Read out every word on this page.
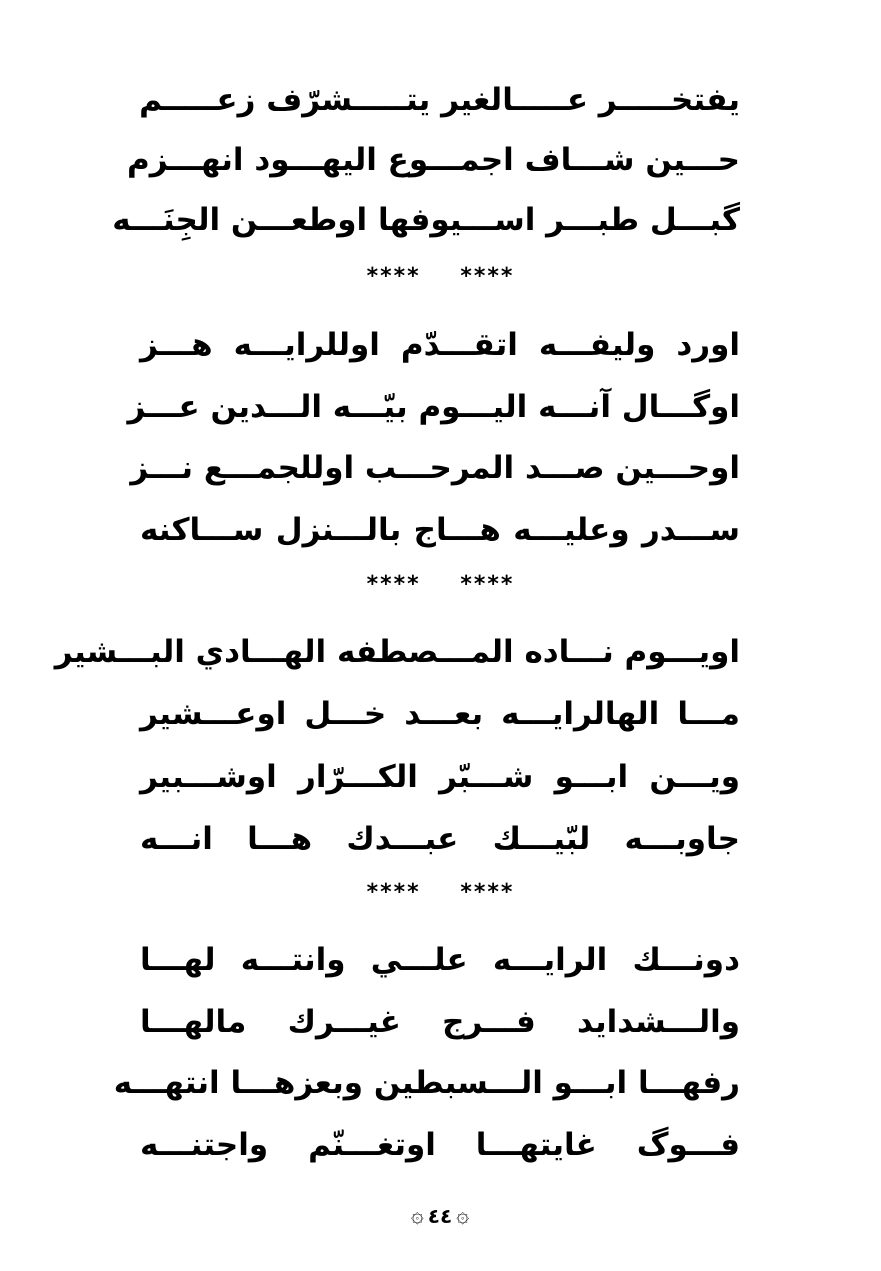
يفتخـــــر عـــــالغير يتـــــشرّف زعـــــم
حـــين شـــاف اجمـــوع اليهـــود انهـــزم
گبـــل طبـــر اســـيوفها اوطعـــن الجِنَـــه
**** ****
اورد وليفـــه اتقـــدّم اوللرايـــه هـــز
اوگـــال آنـــه اليـــوم بيّـــه الـــدين عـــز
اوحـــين صـــد المرحـــب اوللجمـــع نـــز
ســـدر وعليـــه هـــاج بالـــنزل ســـاكنه
**** ****
اويـــوم نـــاده المـــصطفه الهـــادي البـــشير
مـــا الهالرايـــه بعـــد خـــل اوعـــشير
ويـــن ابـــو شـــبّر الكـــرّار اوشـــبير
جاوبـــه لبّيـــك عبـــدك هـــا انـــه
**** ****
دونـــك الرايـــه علـــي وانتـــه لهـــا
والـــشدايد فـــرج غيـــرك مالهـــا
رفهـــا ابـــو الـــسبطين وبعزهـــا انتهـــه
فـــوگ غايتهـــا اوتغـــنّم واجتنـــه
۞ ٤٤ ۞
